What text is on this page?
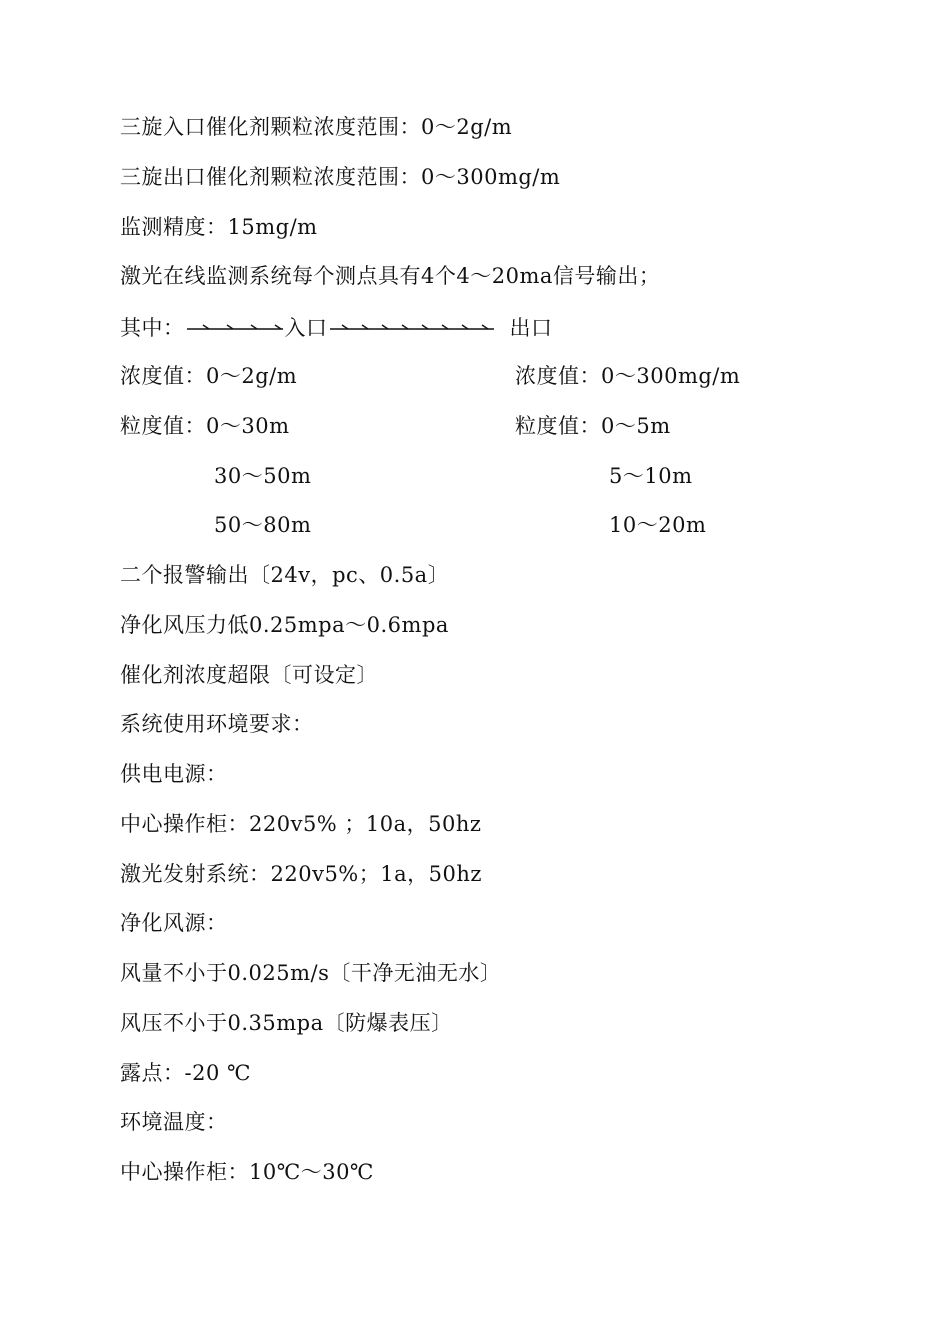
三旋入口催化剂颗粒浓度范围：0～2g/m
三旋出口催化剂颗粒浓度范围：0～300mg/m
监测精度：15mg/m
激光在线监测系统每个测点具有4个4～20ma信号输出；
其中：	入口	出口
浓度值：0～2g/m	浓度值：0～300mg/m
粒度值：0～30m	粒度值：0～5m
30～50m	5～10m
50～80m	10～20m
二个报警输出〔24v，pc、0.5a〕
净化风压力低0.25mpa～0.6mpa
催化剂浓度超限〔可设定〕
系统使用环境要求：
供电电源：
中心操作柜：220v5% ；10a，50hz
激光发射系统：220v5%；1a，50hz
净化风源：
风量不小于0.025m/s〔干净无油无水〕
风压不小于0.35mpa〔防爆表压〕
露点：-20 ℃
环境温度：
中心操作柜：10℃～30℃
